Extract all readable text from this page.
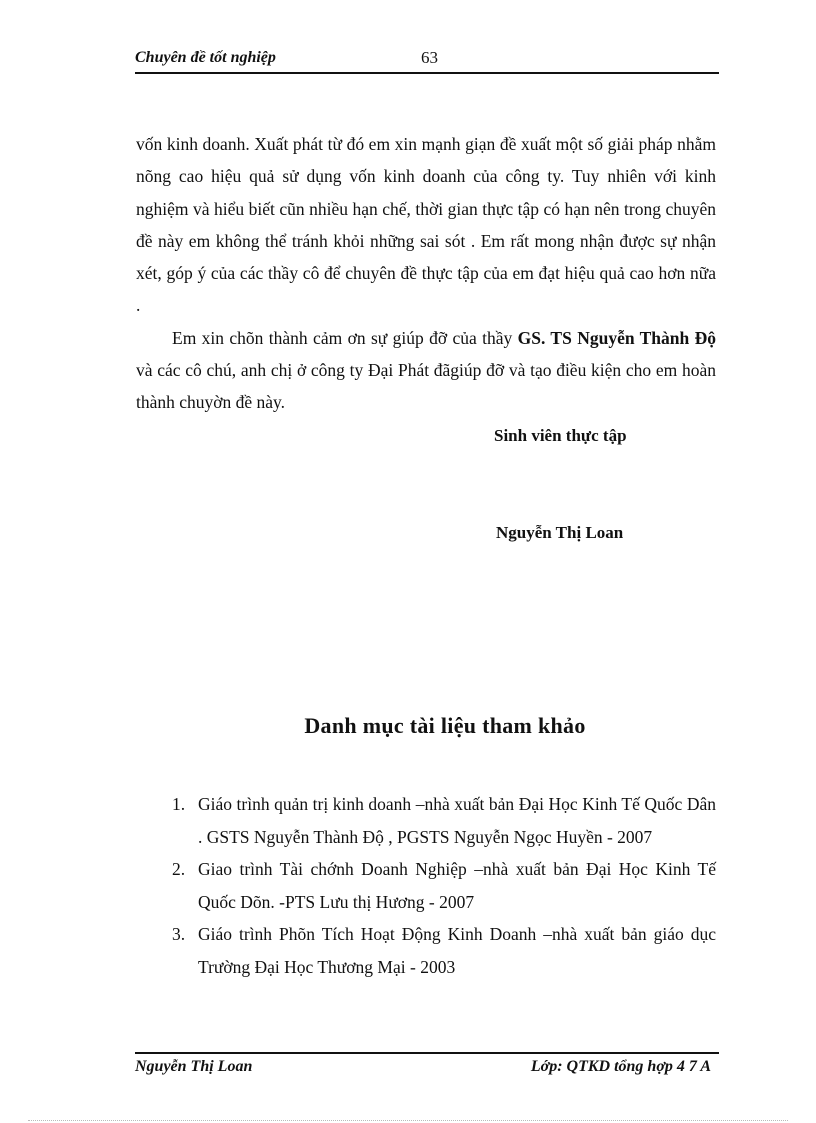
Chuyên đề tốt nghiệp	63

vốn kinh doanh. Xuất phát từ đó em xin mạnh giạn đề xuất một số giải pháp nhằm nõng cao hiệu quả sử dụng vốn kinh doanh của công ty. Tuy nhiên với kinh nghiệm và hiểu biết cũn nhiều hạn chế, thời gian thực tập có hạn nên trong chuyên đề này em không thể tránh khỏi những sai sót . Em rất mong nhận được sự nhận xét, góp ý của các thầy cô để chuyên đề thực tập của em đạt hiệu quả cao hơn nữa .

Em xin chõn thành cảm ơn sự giúp đỡ của thầy GS. TS Nguyễn Thành Độ và các cô chú, anh chị ở công ty Đại Phát đãgiúp đỡ và tạo điều kiện cho em hoàn thành chuyờn đề này.

Sinh viên thực tập
Nguyễn Thị Loan
Danh mục tài liệu tham khảo
1. Giáo trình quản trị kinh doanh –nhà xuất bản Đại Học Kinh Tế Quốc Dân . GSTS Nguyễn Thành Độ , PGSTS Nguyễn Ngọc Huyền - 2007
2. Giao trình Tài chớnh Doanh Nghiệp –nhà xuất bản Đại Học Kinh Tế Quốc Dõn. -PTS Lưu thị Hương - 2007
3. Giáo trình Phõn Tích Hoạt Động Kinh Doanh –nhà xuất bản giáo dục Trường Đại Học Thương Mại - 2003
Nguyễn Thị Loan	Lớp: QTKD tổng hợp 4 7 A
